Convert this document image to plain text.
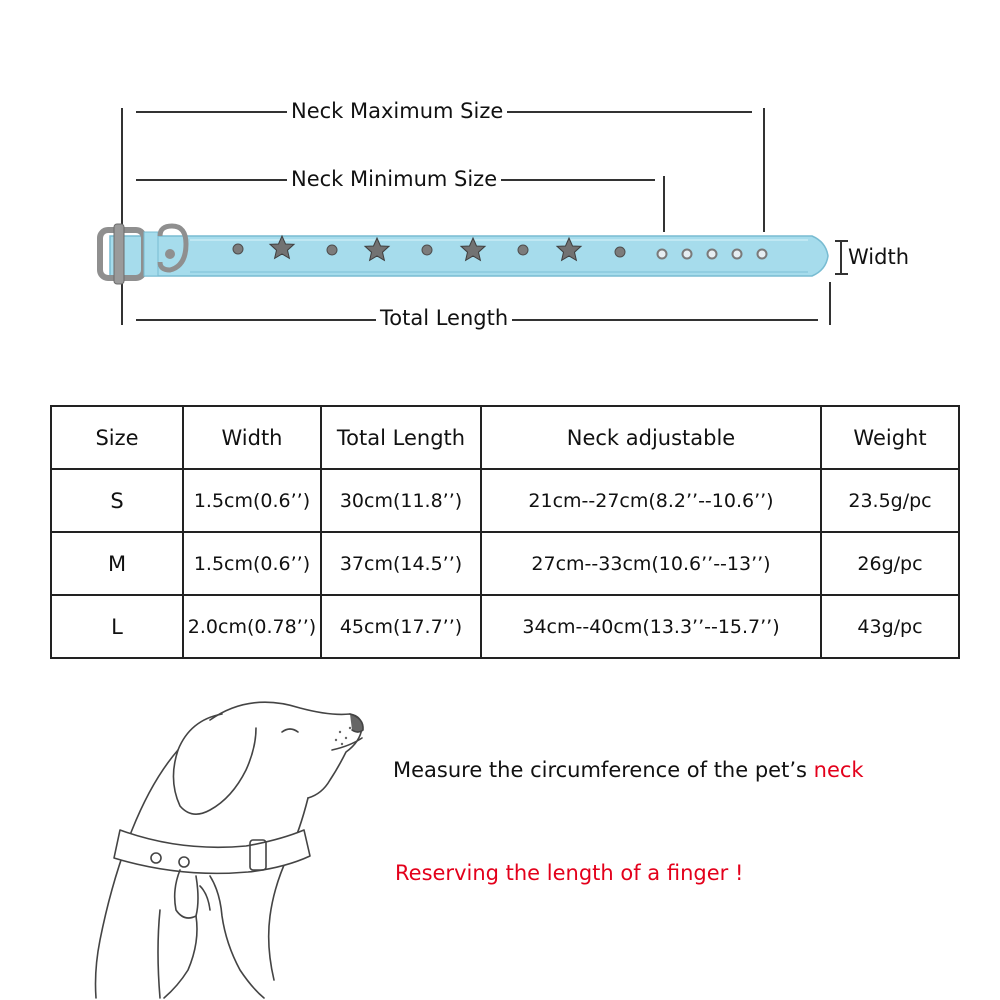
Neck Maximum Size
Neck Minimum Size
Width
Total Length
Size	Width	Total Length	Neck adjustable	Weight
S	1.5cm(0.6’’)	30cm(11.8’’)	21cm--27cm(8.2’’--10.6’’)	23.5g/pc
M	1.5cm(0.6’’)	37cm(14.5’’)	27cm--33cm(10.6’’--13’’)	26g/pc
L	2.0cm(0.78’’)	45cm(17.7’’)	34cm--40cm(13.3’’--15.7’’)	43g/pc
Measure the circumference of the pet’s neck
Reserving the length of a finger !
